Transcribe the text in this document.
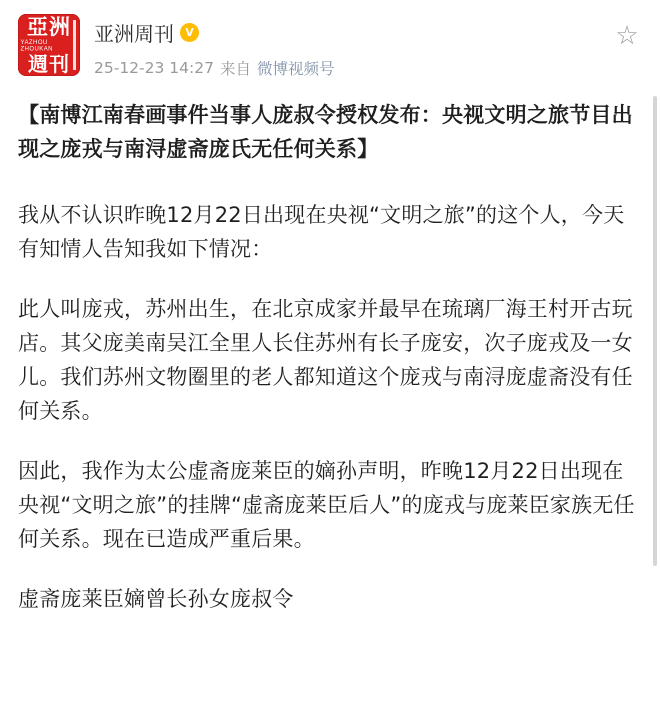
亞洲
YAZHOU ZHOUKAN
週刊
亚洲周刊	V
25-12-23 14:27 来自 微博视频号
☆

【南博江南春画事件当事人庞叔令授权发布：央视文明之旅节目出现之庞戎与南浔虚斋庞氏无任何关系】

我从不认识昨晚12月22日出现在央视“文明之旅”的这个人，今天有知情人告知我如下情况：

此人叫庞戎，苏州出生，在北京成家并最早在琉璃厂海王村开古玩店。其父庞美南吴江全里人长住苏州有长子庞安，次子庞戎及一女儿。我们苏州文物圈里的老人都知道这个庞戎与南浔庞虚斋没有任何关系。

因此，我作为太公虚斋庞莱臣的嫡孙声明，昨晚12月22日出现在央视“文明之旅”的挂牌“虚斋庞莱臣后人”的庞戎与庞莱臣家族无任何关系。现在已造成严重后果。

虚斋庞莱臣嫡曾长孙女庞叔令
